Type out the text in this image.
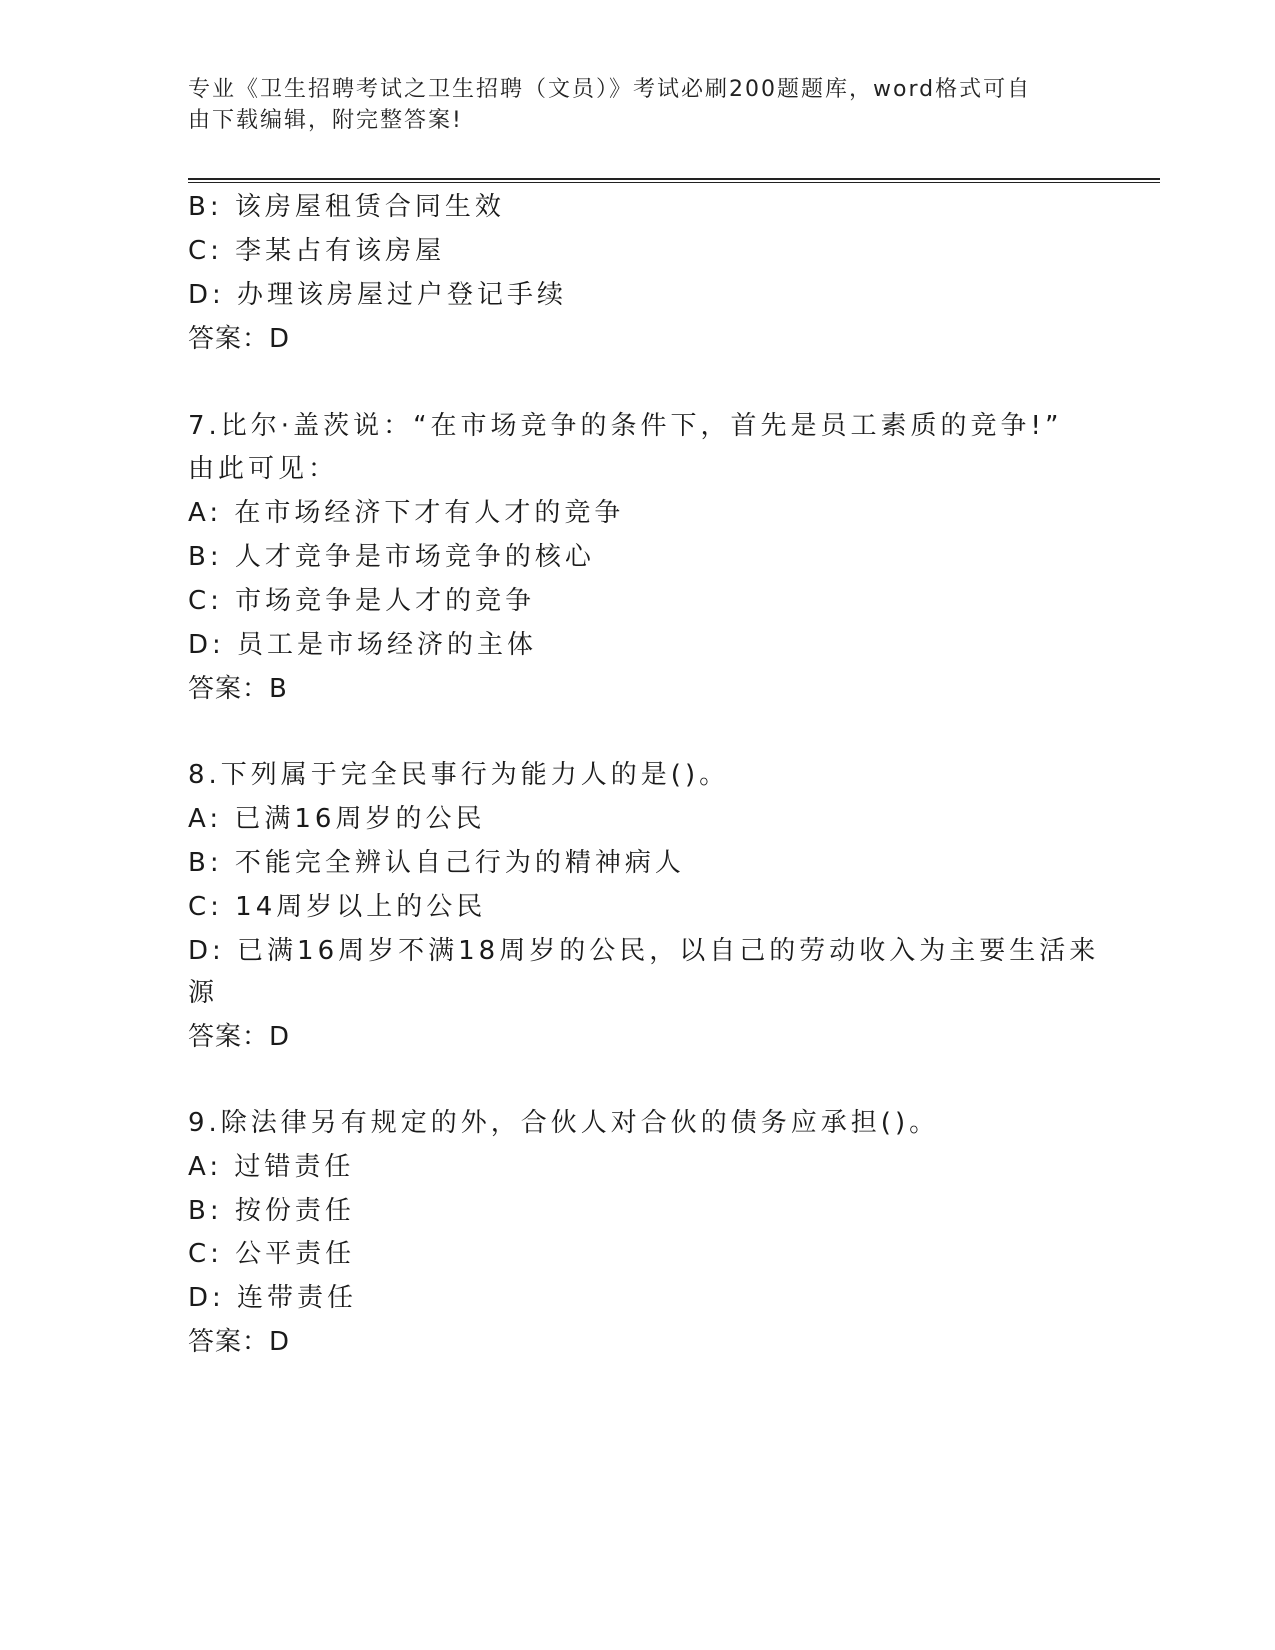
专业《卫生招聘考试之卫生招聘（文员）》考试必刷200题题库，word格式可自
由下载编辑，附完整答案!
B: 该房屋租赁合同生效
C: 李某占有该房屋
D: 办理该房屋过户登记手续
答案：D
7.比尔·盖茨说：“在市场竞争的条件下，首先是员工素质的竞争!”
由此可见：
A: 在市场经济下才有人才的竞争
B: 人才竞争是市场竞争的核心
C: 市场竞争是人才的竞争
D: 员工是市场经济的主体
答案：B
8.下列属于完全民事行为能力人的是()。
A: 已满16周岁的公民
B: 不能完全辨认自己行为的精神病人
C: 14周岁以上的公民
D: 已满16周岁不满18周岁的公民，以自己的劳动收入为主要生活来
源
答案：D
9.除法律另有规定的外，合伙人对合伙的债务应承担()。
A: 过错责任
B: 按份责任
C: 公平责任
D: 连带责任
答案：D
